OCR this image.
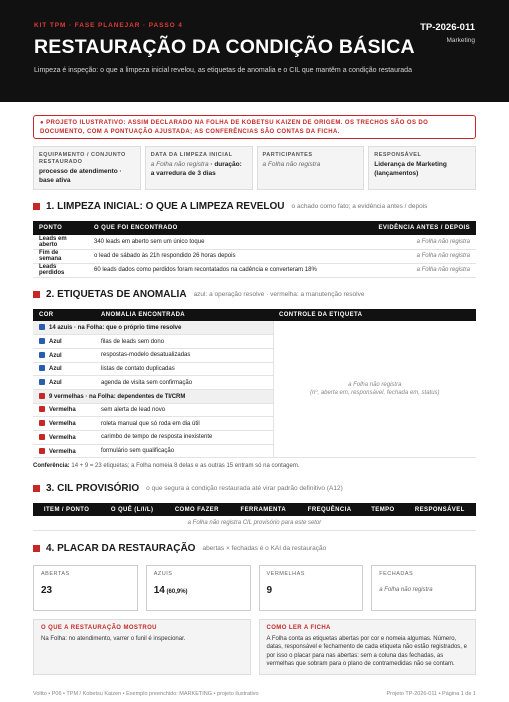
KIT TPM · FASE PLANEJAR · PASSO 4	TP-2026-011
Marketing
RESTAURAÇÃO DA CONDIÇÃO BÁSICA
Limpeza é inspeção: o que a limpeza inicial revelou, as etiquetas de anomalia e o CIL que mantêm a condição restaurada
● PROJETO ILUSTRATIVO: ASSIM DECLARADO NA FOLHA DE KOBETSU KAIZEN DE ORIGEM. OS TRECHOS SÃO OS DO DOCUMENTO, COM A PONTUAÇÃO AJUSTADA; AS CONFERÊNCIAS SÃO CONTAS DA FICHA.
EQUIPAMENTO / CONJUNTO RESTAURADO
processo de atendimento · base ativa
DATA DA LIMPEZA INICIAL
a Folha não registra · duração: a varredura de 3 dias
PARTICIPANTES
a Folha não registra
RESPONSÁVEL
Liderança de Marketing (lançamentos)
1. LIMPEZA INICIAL: O QUE A LIMPEZA REVELOU o achado como fato; a evidência antes / depois
PONTO	O QUE FOI ENCONTRADO	EVIDÊNCIA ANTES / DEPOIS
Leads em aberto	340 leads em aberto sem um único toque	a Folha não registra
Fim de semana	o lead de sábado às 21h respondido 26 horas depois	a Folha não registra
Leads perdidos	60 leads dados como perdidos foram recontatados na cadência e converteram 18%	a Folha não registra
2. ETIQUETAS DE ANOMALIA azul: a operação resolve · vermelha: a manutenção resolve
COR	ANOMALIA ENCONTRADA	CONTROLE DA ETIQUETA
14 azuis · na Folha: que o próprio time resolve		a Folha não registra
(nº, aberta em, responsável, fechada em, status)

Azul	filas de leads sem dono	
Azul	respostas-modelo desatualizadas	
Azul	listas de contato duplicadas	
Azul	agenda de visita sem confirmação	
9 vermelhas · na Folha: dependentes de TI/CRM		
Vermelha	sem alerta de lead novo	
Vermelha	roleta manual que só roda em dia útil	
Vermelha	carimbo de tempo de resposta inexistente	
Vermelha	formulário sem qualificação	
Conferência: 14 + 9 = 23 etiquetas; a Folha nomeia 8 delas e as outras 15 entram só na contagem.
3. CIL PROVISÓRIO o que segura a condição restaurada até virar padrão definitivo (A12)
ITEM / PONTO	O QUÊ (L/I/L)	COMO FAZER	FERRAMENTA	FREQUÊNCIA	TEMPO	RESPONSÁVEL
a Folha não registra CIL provisório para este setor
4. PLACAR DA RESTAURAÇÃO abertas × fechadas é o KAI da restauração
ABERTAS
23
AZUIS
14 (60,9%)
VERMELHAS
9
FECHADAS
a Folha não registra
O QUE A RESTAURAÇÃO MOSTROU
Na Folha: no atendimento, varrer o funil é inspecionar.
COMO LER A FICHA
A Folha conta as etiquetas abertas por cor e nomeia algumas. Número, datas, responsável e fechamento de cada etiqueta não estão registrados, e por isso o placar para nas abertas: sem a coluna das fechadas, as vermelhas que sobram para o plano de contramedidas não se contam.
Voltto • P06 • TPM / Kobetsu Kaizen • Exemplo preenchido: MARKETING • projeto ilustrativo	Projeto TP-2026-011 • Página 1 de 1
